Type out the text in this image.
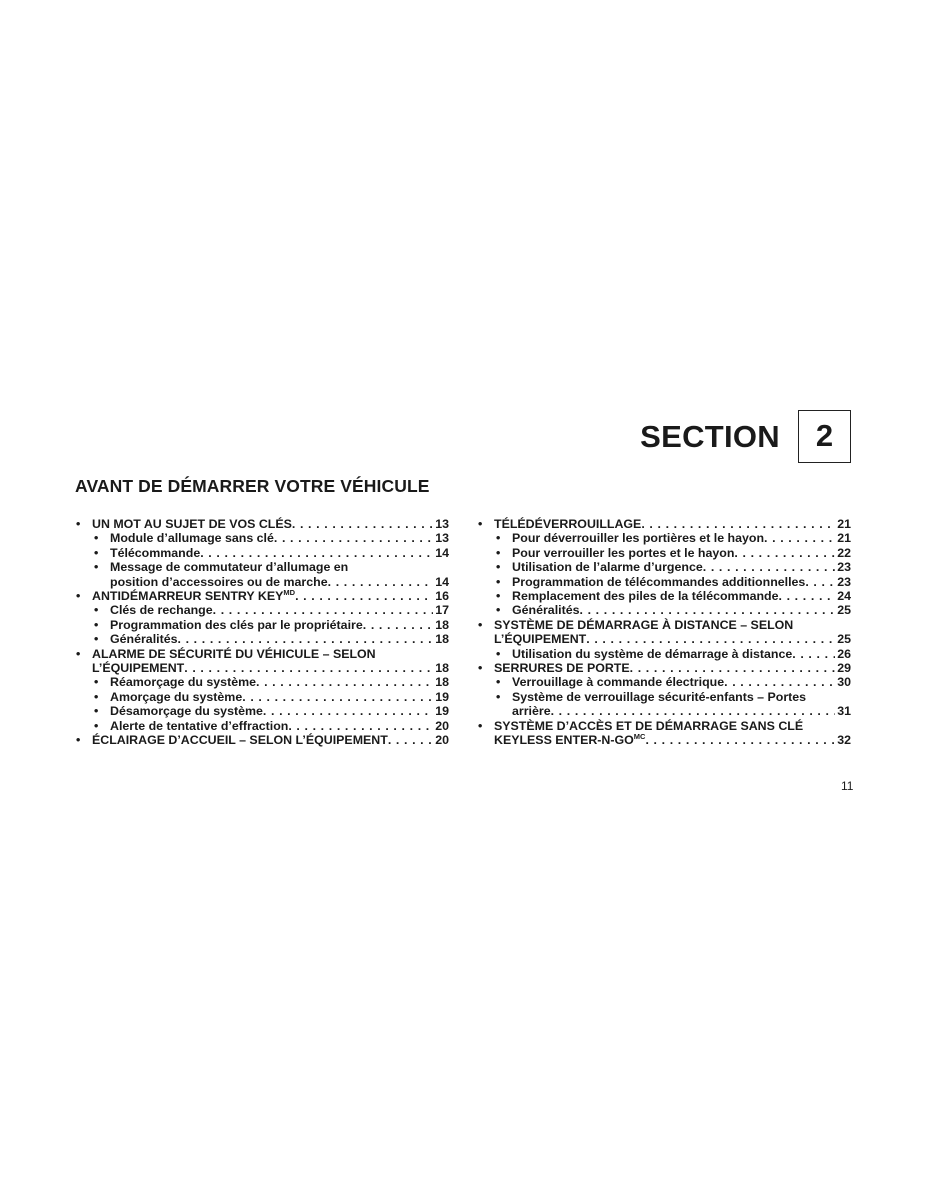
SECTION 2
AVANT DE DÉMARRER VOTRE VÉHICULE
• UN MOT AU SUJET DE VOS CLÉS . . .	13
• Module d’allumage sans clé . . .	13
• Télécommande . . .	14
• Message de commutateur d’allumage en
position d’accessoires ou de marche . . .	14
• ANTIDÉMARREUR SENTRY $KEY^{MD}$ . . .	16
• Clés de rechange . . .	17
• Programmation des clés par le propriétaire . . .	18
• Généralités . . .	18
• ALARME DE SÉCURITÉ DU VÉHICULE – SELON
L’ÉQUIPEMENT . . .	18
• Réamorçage du système . . .	18
• Amorçage du système . . .	19
• Désamorçage du système . . .	19
• Alerte de tentative d’effraction . . .	20
• ÉCLAIRAGE D’ACCUEIL – SELON L’ÉQUIPEMENT . . .	20
• TÉLÉDÉVERROUILLAGE . . .	21
• Pour déverrouiller les portières et le hayon . . .	21
• Pour verrouiller les portes et le hayon . . .	22
• Utilisation de l’alarme d’urgence . . .	23
• Programmation de télécommandes additionnelles . . .	23
• Remplacement des piles de la télécommande . . .	24
• Généralités . . .	25
• SYSTÈME DE DÉMARRAGE À DISTANCE – SELON
L’ÉQUIPEMENT . . .	25
• Utilisation du système de démarrage à distance . . .	26
• SERRURES DE PORTE . . .	29
• Verrouillage à commande électrique . . .	30
• Système de verrouillage sécurité-enfants – Portes
arrière . . .	31
• SYSTÈME D’ACCÈS ET DE DÉMARRAGE SANS CLÉ
KEYLESS ENTER-$N-GO^{MC}$ . . .	32
11
